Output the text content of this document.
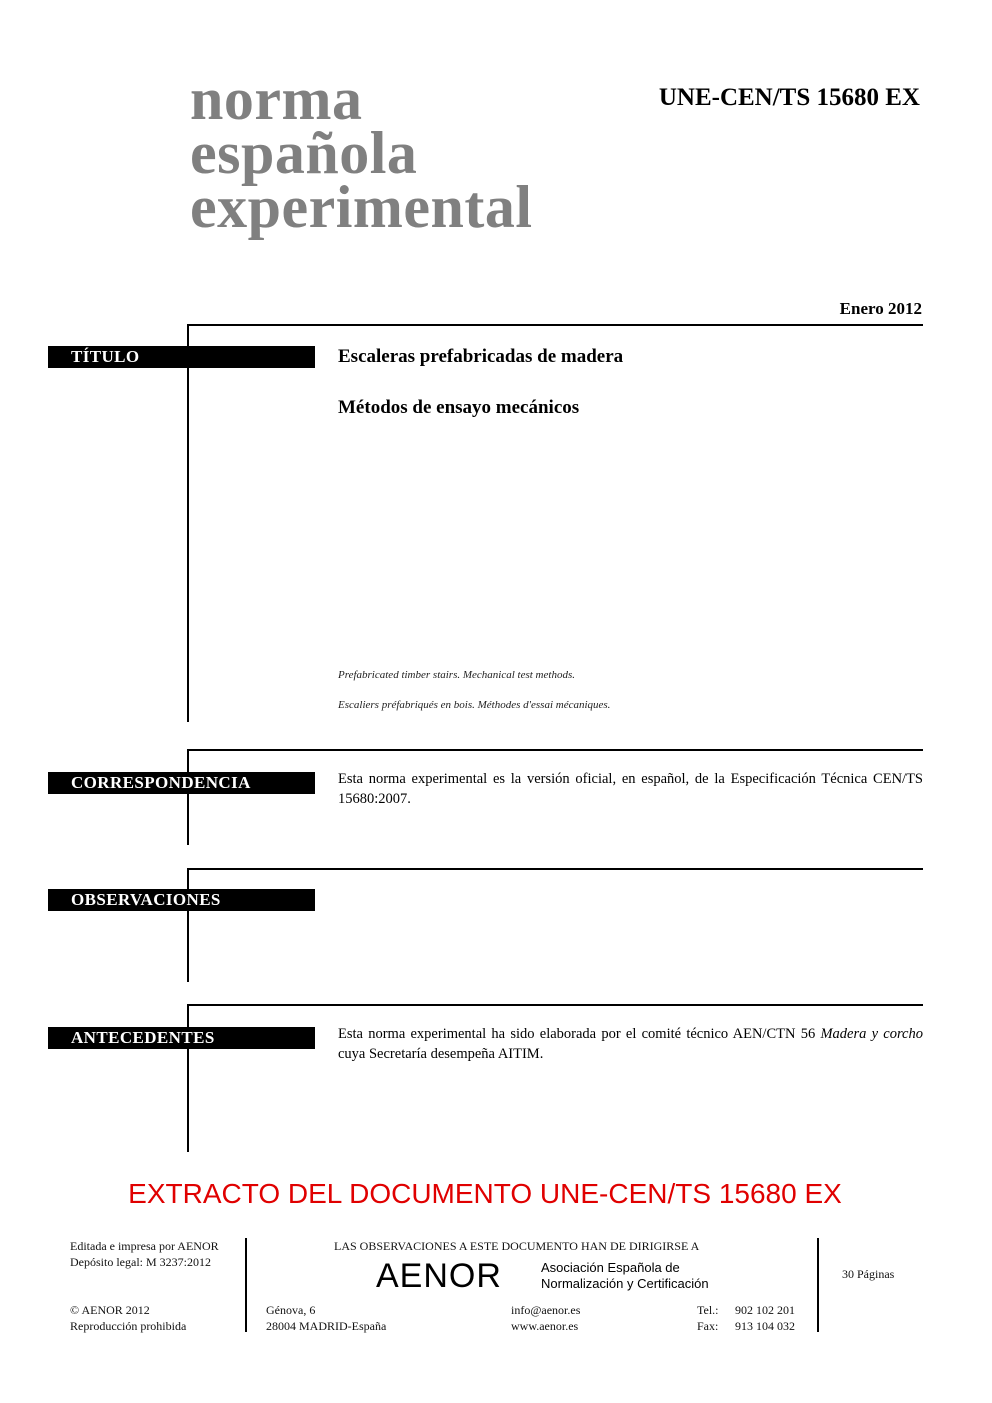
norma
española
experimental
UNE-CEN/TS 15680 EX
Enero 2012
TÍTULO	Escaleras prefabricadas de madera
Métodos de ensayo mecánicos
Prefabricated timber stairs. Mechanical test methods.
Escaliers préfabriqués en bois. Méthodes d'essai mécaniques.
CORRESPONDENCIA	Esta norma experimental es la versión oficial, en español, de la Especificación Técnica CEN/TS 15680:2007.
OBSERVACIONES
ANTECEDENTES	Esta norma experimental ha sido elaborada por el comité técnico AEN/CTN 56 Madera y corcho cuya Secretaría desempeña AITIM.
EXTRACTO DEL DOCUMENTO UNE-CEN/TS 15680 EX
Editada e impresa por AENOR
Depósito legal: M 3237:2012
© AENOR 2012
Reproducción prohibida
LAS OBSERVACIONES A ESTE DOCUMENTO HAN DE DIRIGIRSE A
AENOR	Asociación Española de
Normalización y Certificación
Génova, 6
28004 MADRID-España
info@aenor.es
www.aenor.es
Tel.: 902 102 201
Fax: 913 104 032
30 Páginas
